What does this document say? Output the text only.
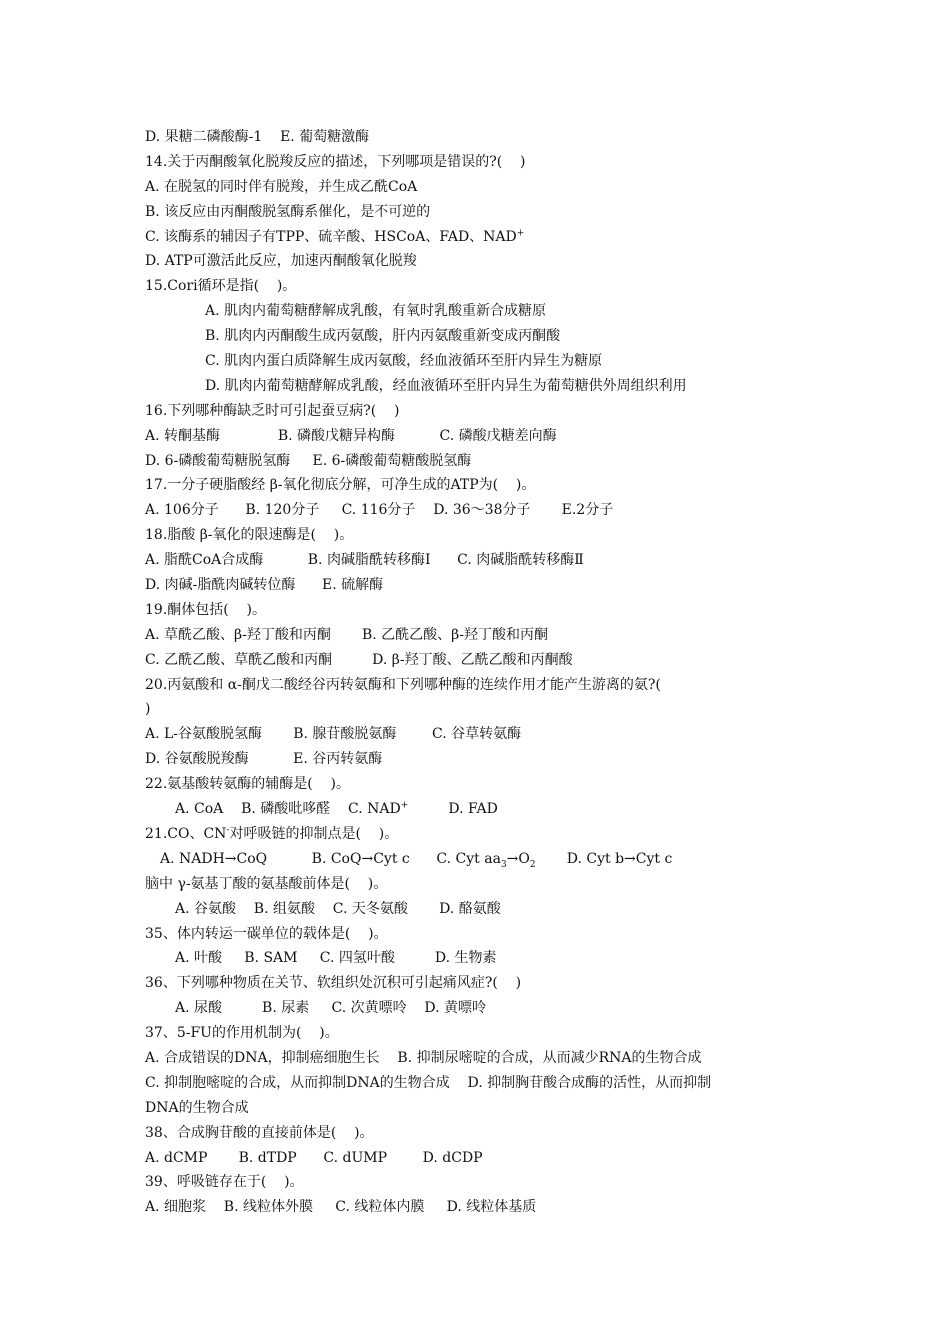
D. 果糖二磷酸酶-1    E. 葡萄糖激酶
14.关于丙酮酸氧化脱羧反应的描述，下列哪项是错误的?(    )
A. 在脱氢的同时伴有脱羧，并生成乙酰CoA
B. 该反应由丙酮酸脱氢酶系催化，是不可逆的
C. 该酶系的辅因子有TPP、硫辛酸、HSCoA、FAD、NAD+
D. ATP可激活此反应，加速丙酮酸氧化脱羧
15.Cori循环是指(    )。
A. 肌肉内葡萄糖酵解成乳酸，有氧时乳酸重新合成糖原
B. 肌肉内丙酮酸生成丙氨酸，肝内丙氨酸重新变成丙酮酸
C. 肌肉内蛋白质降解生成丙氨酸，经血液循环至肝内异生为糖原
D. 肌肉内葡萄糖酵解成乳酸，经血液循环至肝内异生为葡萄糖供外周组织利用
16.下列哪种酶缺乏时可引起蚕豆病?(    )
A. 转酮基酶             B. 磷酸戊糖异构酶          C. 磷酸戊糖差向酶
D. 6-磷酸葡萄糖脱氢酶     E. 6-磷酸葡萄糖酸脱氢酶
17.一分子硬脂酸经 β-氧化彻底分解，可净生成的ATP为(    )。
A. 106分子      B. 120分子     C. 116分子    D. 36～38分子       E.2分子
18.脂酸 β-氧化的限速酶是(    )。
A. 脂酰CoA合成酶          B. 肉碱脂酰转移酶Ⅰ      C. 肉碱脂酰转移酶Ⅱ
D. 肉碱-脂酰肉碱转位酶      E. 硫解酶
19.酮体包括(    )。
A. 草酰乙酸、β-羟丁酸和丙酮       B. 乙酰乙酸、β-羟丁酸和丙酮
C. 乙酰乙酸、草酰乙酸和丙酮         D. β-羟丁酸、乙酰乙酸和丙酮酸
20.丙氨酸和 α-酮戊二酸经谷丙转氨酶和下列哪种酶的连续作用才能产生游离的氨?(
)
A. L-谷氨酸脱氢酶       B. 腺苷酸脱氨酶        C. 谷草转氨酶
D. 谷氨酸脱羧酶          E. 谷丙转氨酶
22.氨基酸转氨酶的辅酶是(    )。
A. CoA    B. 磷酸吡哆醛    C. NAD+         D. FAD
21.CO、CN-对呼吸链的抑制点是(    )。
A. NADH→CoQ          B. CoQ→Cyt c      C. Cyt $aa_3\to O_2$       D. Cyt b→Cyt c
脑中 γ-氨基丁酸的氨基酸前体是(    )。
A. 谷氨酸    B. 组氨酸    C. 天冬氨酸       D. 酪氨酸
35、体内转运一碳单位的载体是(    )。
A. 叶酸     B. SAM     C. 四氢叶酸         D. 生物素
36、下列哪种物质在关节、软组织处沉积可引起痛风症?(    )
A. 尿酸         B. 尿素     C. 次黄嘌呤    D. 黄嘌呤
37、5-FU的作用机制为(    )。
A. 合成错误的DNA，抑制癌细胞生长    B. 抑制尿嘧啶的合成，从而减少RNA的生物合成
C. 抑制胞嘧啶的合成，从而抑制DNA的生物合成    D. 抑制胸苷酸合成酶的活性，从而抑制
DNA的生物合成
38、合成胸苷酸的直接前体是(    )。
A. dCMP       B. dTDP      C. dUMP        D. dCDP
39、呼吸链存在于(    )。
A. 细胞浆    B. 线粒体外膜     C. 线粒体内膜     D. 线粒体基质
